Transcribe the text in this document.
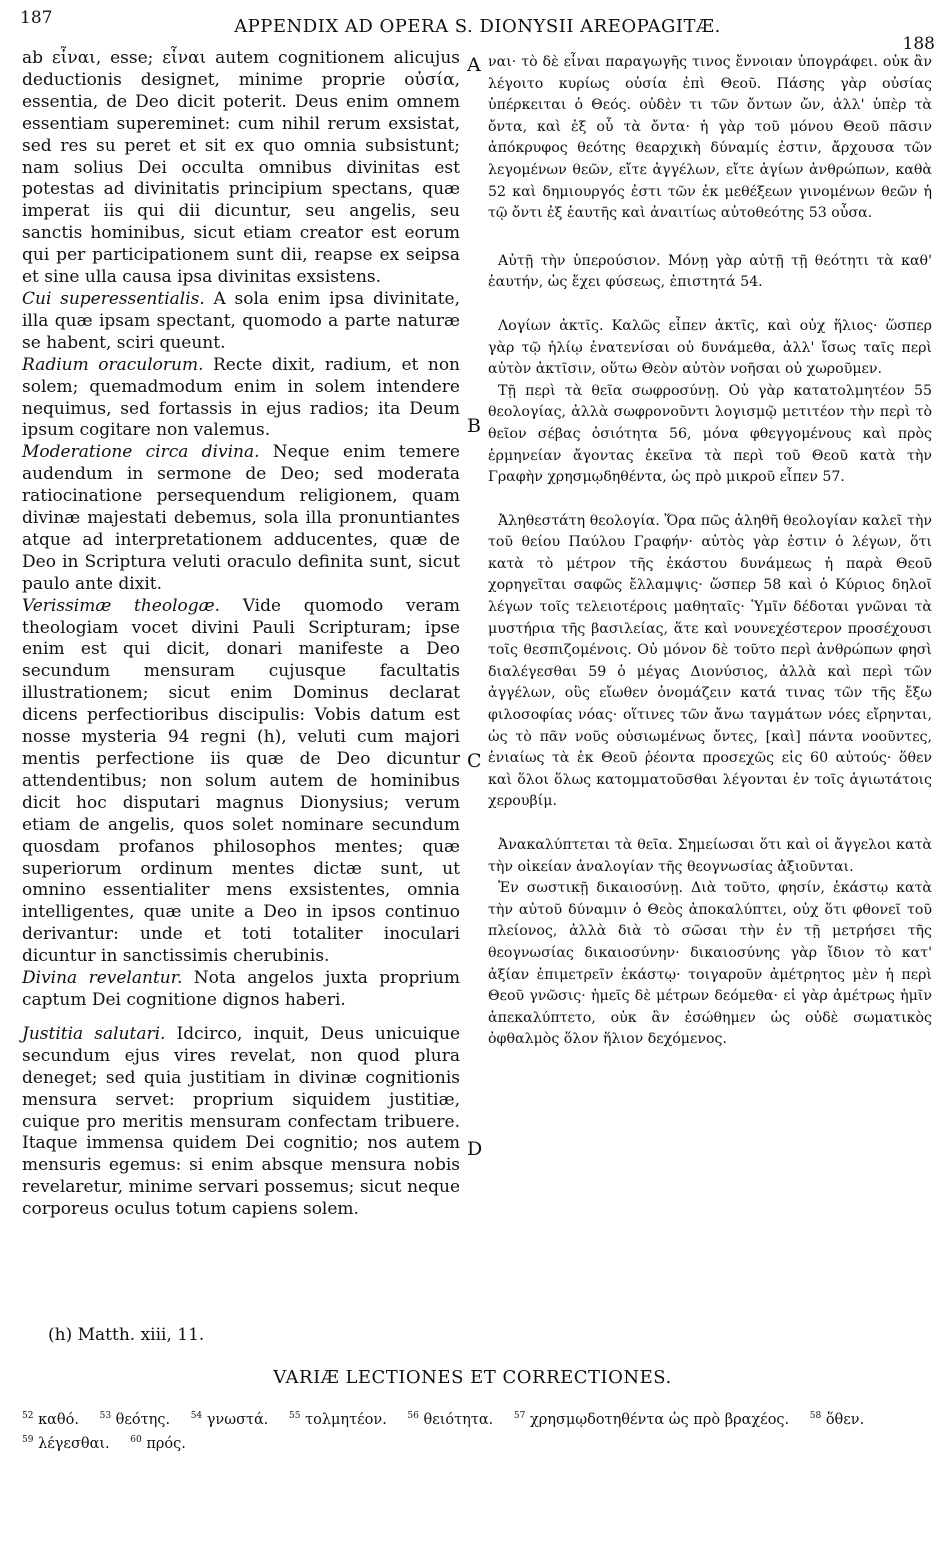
187	APPENDIX AD OPERA S. DIONYSII AREOPAGITÆ.
188

ab εἶναι, esse; εἶναι autem cognitionem alicujus deductionis designet, minime proprie οὐσία, essentia, de Deo dicit poterit. Deus enim omnem essentiam supereminet: cum nihil rerum exsistat, sed res su peret et sit ex quo omnia subsistunt; nam solius Dei occulta omnibus divinitas est potestas ad divinitatis principium spectans, quæ imperat iis qui dii dicuntur, seu angelis, seu sanctis hominibus, sicut etiam creator est eorum qui per participationem sunt dii, reapse ex seipsa et sine ulla causa ipsa divinitas exsistens.

Cui superessentialis. A sola enim ipsa divinitate, illa quæ ipsam spectant, quomodo a parte naturæ se habent, sciri queunt.

Radium oraculorum. Recte dixit, radium, et non solem; quemadmodum enim in solem intendere nequimus, sed fortassis in ejus radios; ita Deum ipsum cogitare non valemus.

Moderatione circa divina. Neque enim temere audendum in sermone de Deo; sed moderata ratiocinatione persequendum religionem, quam divinæ majestati debemus, sola illa pronuntiantes atque ad interpretationem adducentes, quæ de Deo in Scriptura veluti oraculo definita sunt, sicut paulo ante dixit.

Verissimæ theologæ. Vide quomodo veram theologiam vocet divini Pauli Scripturam; ipse enim est qui dicit, donari manifeste a Deo secundum mensuram cujusque facultatis illustrationem; sicut enim Dominus declarat dicens perfectioribus discipulis: Vobis datum est nosse mysteria 94 regni (h), veluti cum majori mentis perfectione iis quæ de Deo dicuntur attendentibus; non solum autem de hominibus dicit hoc disputari magnus Dionysius; verum etiam de angelis, quos solet nominare secundum quosdam profanos philosophos mentes; quæ superiorum ordinum mentes dictæ sunt, ut omnino essentialiter mens exsistentes, omnia intelligentes, quæ unite a Deo in ipsos continuo derivantur: unde et toti totaliter inoculari dicuntur in sanctissimis cherubinis.

Divina revelantur. Nota angelos juxta proprium captum Dei cognitione dignos haberi.

Justitia salutari. Idcirco, inquit, Deus unicuique secundum ejus vires revelat, non quod plura deneget; sed quia justitiam in divinæ cognitionis mensura servet: proprium siquidem justitiæ, cuique pro meritis mensuram confectam tribuere. Itaque immensa quidem Dei cognitio; nos autem mensuris egemus: si enim absque mensura nobis revelaretur, minime servari possemus; sicut neque corporeus oculus totum capiens solem.

A
B
C
D

ναι· τὸ δὲ εἶναι παραγωγῆς τινος ἔννοιαν ὑπογράφει. οὐκ ἂν λέγοιτο κυρίως οὐσία ἐπὶ Θεοῦ. Πάσης γὰρ οὐσίας ὑπέρκειται ὁ Θεός. οὐδὲν τι τῶν ὄντων ὤν, ἀλλ' ὑπὲρ τὰ ὄντα, καὶ ἐξ οὗ τὰ ὄντα· ἡ γὰρ τοῦ μόνου Θεοῦ πᾶσιν ἀπόκρυφος θεότης θεαρχικὴ δύναμίς ἐστιν, ἄρχουσα τῶν λεγομένων θεῶν, εἴτε ἀγγέλων, εἴτε ἁγίων ἀνθρώπων, καθὰ 52 καὶ δημιουργός ἐστι τῶν ἐκ μεθέξεων γινομένων θεῶν ἡ τῷ ὄντι ἐξ ἑαυτῆς καὶ ἀναιτίως αὐτοθεότης 53 οὖσα.

Αὐτῇ τὴν ὑπερούσιον. Μόνῃ γὰρ αὐτῇ τῇ θεότητι τὰ καθ' ἑαυτήν, ὡς ἔχει φύσεως, ἐπιστητά 54.

Λογίων ἀκτῖς. Καλῶς εἶπεν ἀκτῖς, καὶ οὐχ ἥλιος· ὥσπερ γὰρ τῷ ἡλίῳ ἐνατενίσαι οὐ δυνάμεθα, ἀλλ' ἴσως ταῖς περὶ αὐτὸν ἀκτῖσιν, οὕτω Θεὸν αὐτὸν νοῆσαι οὐ χωροῦμεν.

Τῇ περὶ τὰ θεῖα σωφροσύνῃ. Οὐ γὰρ κατατολμητέον 55 θεολογίας, ἀλλὰ σωφρονοῦντι λογισμῷ μετιτέον τὴν περὶ τὸ θεῖον σέβας ὁσιότητα 56, μόνα φθεγγομένους καὶ πρὸς ἑρμηνείαν ἄγοντας ἐκεῖνα τὰ περὶ τοῦ Θεοῦ κατὰ τὴν Γραφὴν χρησμῳδηθέντα, ὡς πρὸ μικροῦ εἶπεν 57.

Ἀληθεστάτη θεολογία. Ὅρα πῶς ἀληθῆ θεολογίαν καλεῖ τὴν τοῦ θείου Παύλου Γραφήν· αὐτὸς γὰρ ἐστιν ὁ λέγων, ὅτι κατὰ τὸ μέτρον τῆς ἑκάστου δυνάμεως ἡ παρὰ Θεοῦ χορηγεῖται σαφῶς ἔλλαμψις· ὥσπερ 58 καὶ ὁ Κύριος δηλοῖ λέγων τοῖς τελειοτέροις μαθηταῖς· Ὑμῖν δέδοται γνῶναι τὰ μυστήρια τῆς βασιλείας, ἅτε καὶ νουνεχέστερον προσέχουσι τοῖς θεσπιζομένοις. Οὐ μόνον δὲ τοῦτο περὶ ἀνθρώπων φησὶ διαλέγεσθαι 59 ὁ μέγας Διονύσιος, ἀλλὰ καὶ περὶ τῶν ἀγγέλων, οὓς εἴωθεν ὀνομάζειν κατά τινας τῶν τῆς ἔξω φιλοσοφίας νόας· οἵτινες τῶν ἄνω ταγμάτων νόες εἴρηνται, ὡς τὸ πᾶν νοῦς οὐσιωμένως ὄντες, [καὶ] πάντα νοοῦντες, ἑνιαίως τὰ ἐκ Θεοῦ ῥέοντα προσεχῶς εἰς 60 αὐτούς· ὅθεν καὶ ὅλοι ὅλως κατομματοῦσθαι λέγονται ἐν τοῖς ἁγιωτάτοις χερουβίμ.

Ἀνακαλύπτεται τὰ θεῖα. Σημείωσαι ὅτι καὶ οἱ ἄγγελοι κατὰ τὴν οἰκείαν ἀναλογίαν τῆς θεογνωσίας ἀξιοῦνται.

Ἐν σωστικῇ δικαιοσύνῃ. Διὰ τοῦτο, φησίν, ἑκάστῳ κατὰ τὴν αὐτοῦ δύναμιν ὁ Θεὸς ἀποκαλύπτει, οὐχ ὅτι φθονεῖ τοῦ πλείονος, ἀλλὰ διὰ τὸ σῶσαι τὴν ἐν τῇ μετρήσει τῆς θεογνωσίας δικαιοσύνην· δικαιοσύνης γὰρ ἴδιον τὸ κατ' ἀξίαν ἐπιμετρεῖν ἑκάστῳ· τοιγαροῦν ἀμέτρητος μὲν ἡ περὶ Θεοῦ γνῶσις· ἡμεῖς δὲ μέτρων δεόμεθα· εἰ γὰρ ἀμέτρως ἡμῖν ἀπεκαλύπτετο, οὐκ ἂν ἐσώθημεν ὡς οὐδὲ σωματικὸς ὀφθαλμὸς ὅλον ἥλιον δεχόμενος.

(h) Matth. xiii, 11.
VARIÆ LECTIONES ET CORRECTIONES.
$^{52}$ καθό. $^{53}$ θεότης. $^{54}$ γνωστά. $^{55}$ τολμητέον. $^{56}$ θειότητα. $^{57}$ χρησμῳδοτηθέντα ὡς πρὸ βραχέος. $^{58}$ ὅθεν.
$^{59}$ λέγεσθαι. $^{60}$ πρός.
